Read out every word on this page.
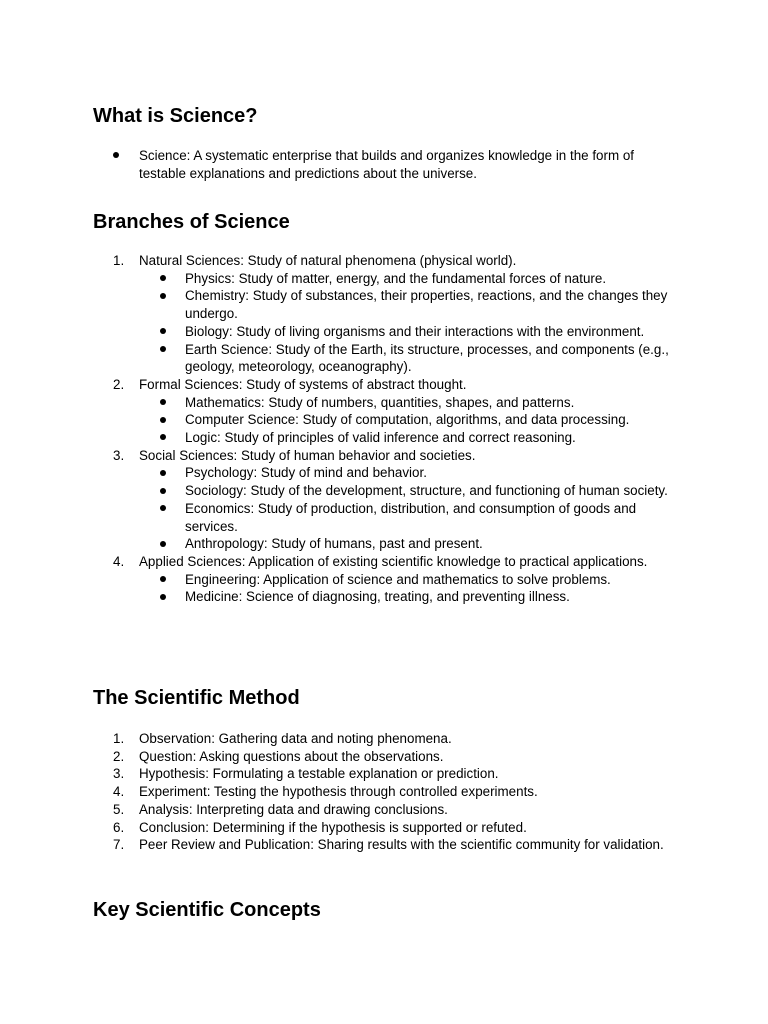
What is Science?
Science: A systematic enterprise that builds and organizes knowledge in the form of testable explanations and predictions about the universe.
Branches of Science
1.	Natural Sciences: Study of natural phenomena (physical world).
Physics: Study of matter, energy, and the fundamental forces of nature.
Chemistry: Study of substances, their properties, reactions, and the changes they undergo.
Biology: Study of living organisms and their interactions with the environment.
Earth Science: Study of the Earth, its structure, processes, and components (e.g., geology, meteorology, oceanography).
2.	Formal Sciences: Study of systems of abstract thought.
Mathematics: Study of numbers, quantities, shapes, and patterns.
Computer Science: Study of computation, algorithms, and data processing.
Logic: Study of principles of valid inference and correct reasoning.
3.	Social Sciences: Study of human behavior and societies.
Psychology: Study of mind and behavior.
Sociology: Study of the development, structure, and functioning of human society.
Economics: Study of production, distribution, and consumption of goods and services.
Anthropology: Study of humans, past and present.
4.	Applied Sciences: Application of existing scientific knowledge to practical applications.
Engineering: Application of science and mathematics to solve problems.
Medicine: Science of diagnosing, treating, and preventing illness.
The Scientific Method
1.	Observation: Gathering data and noting phenomena.
2.	Question: Asking questions about the observations.
3.	Hypothesis: Formulating a testable explanation or prediction.
4.	Experiment: Testing the hypothesis through controlled experiments.
5.	Analysis: Interpreting data and drawing conclusions.
6.	Conclusion: Determining if the hypothesis is supported or refuted.
7.	Peer Review and Publication: Sharing results with the scientific community for validation.
Key Scientific Concepts
